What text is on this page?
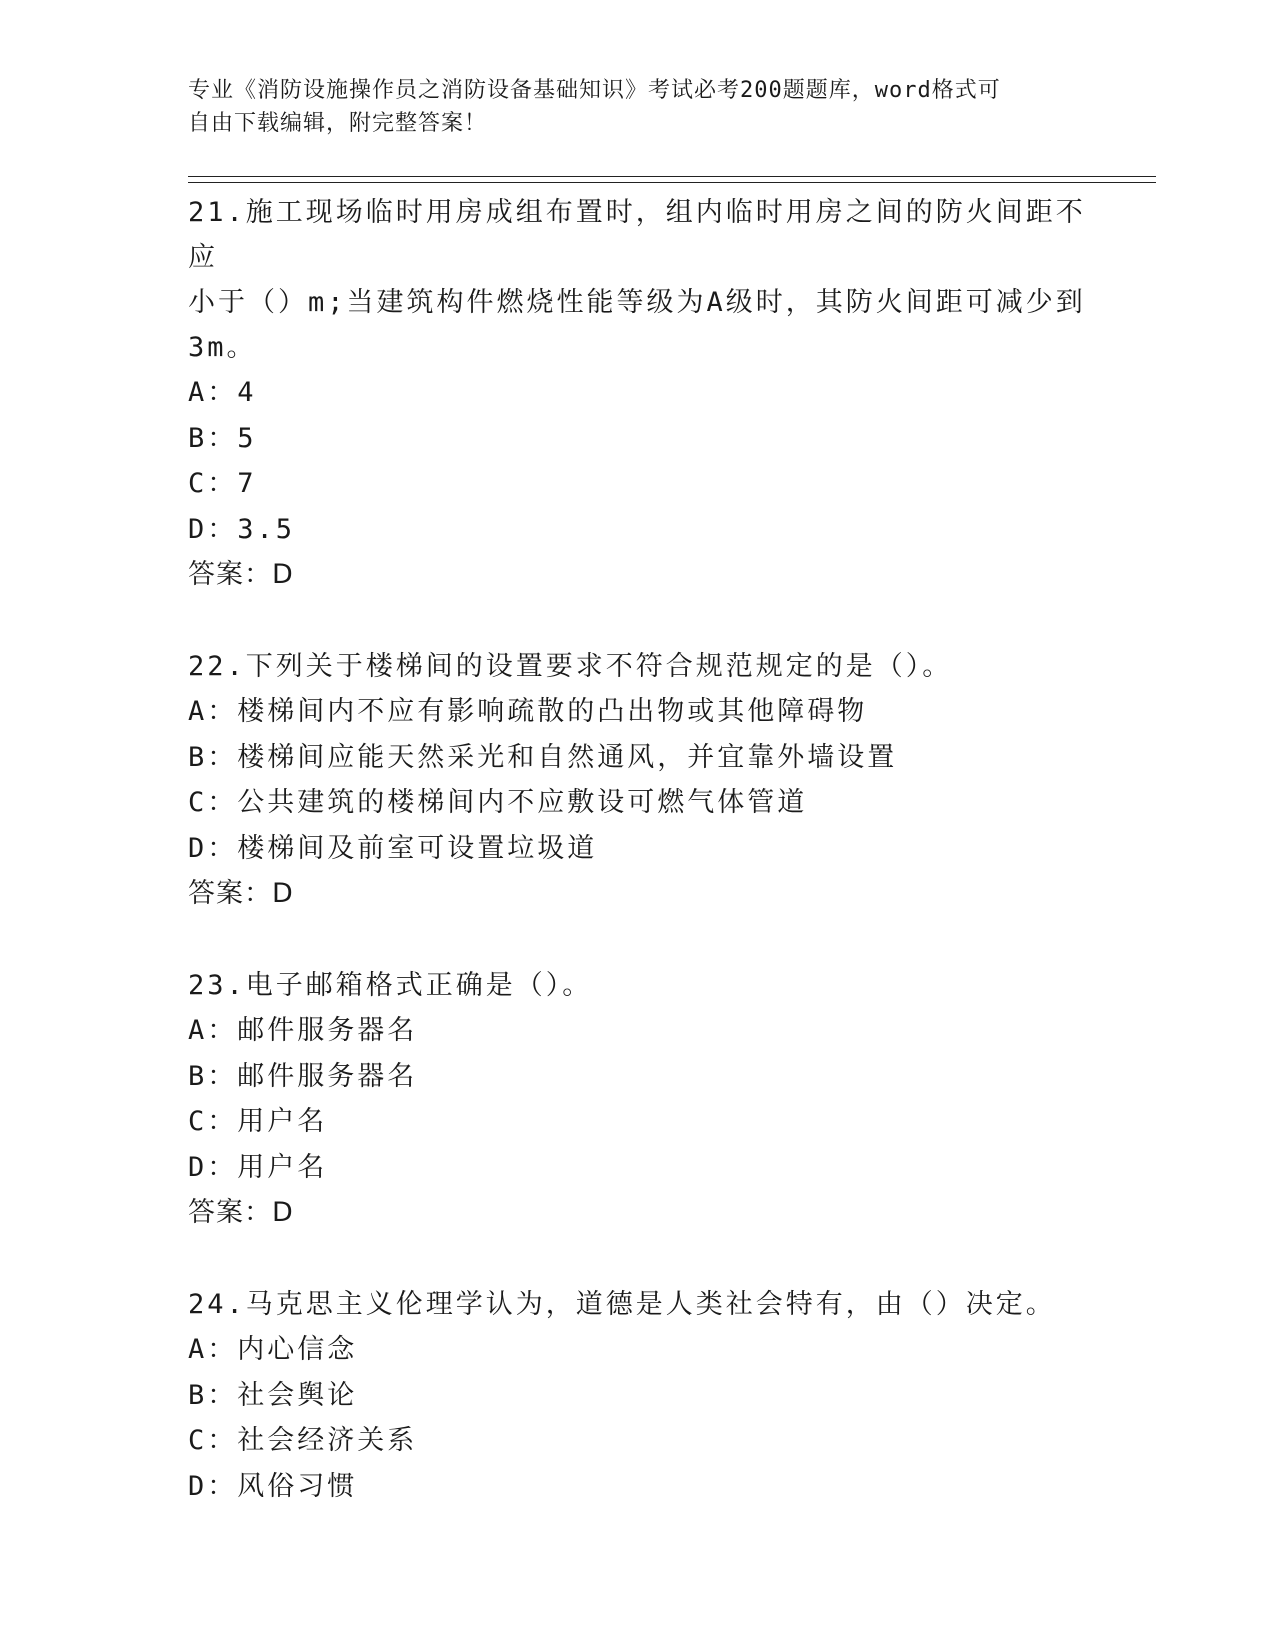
专业《消防设施操作员之消防设备基础知识》考试必考200题题库，word格式可
自由下载编辑，附完整答案！
21.施工现场临时用房成组布置时，组内临时用房之间的防火间距不应
小于（）m;当建筑构件燃烧性能等级为A级时，其防火间距可减少到
3m。
A：4
B：5
C：7
D：3.5
答案：D
22.下列关于楼梯间的设置要求不符合规范规定的是（）。
A：楼梯间内不应有影响疏散的凸出物或其他障碍物
B：楼梯间应能天然采光和自然通风，并宜靠外墙设置
C：公共建筑的楼梯间内不应敷设可燃气体管道
D：楼梯间及前室可设置垃圾道
答案：D
23.电子邮箱格式正确是（）。
A：邮件服务器名
B：邮件服务器名
C：用户名
D：用户名
答案：D
24.马克思主义伦理学认为，道德是人类社会特有，由（）决定。
A：内心信念
B：社会舆论
C：社会经济关系
D：风俗习惯
